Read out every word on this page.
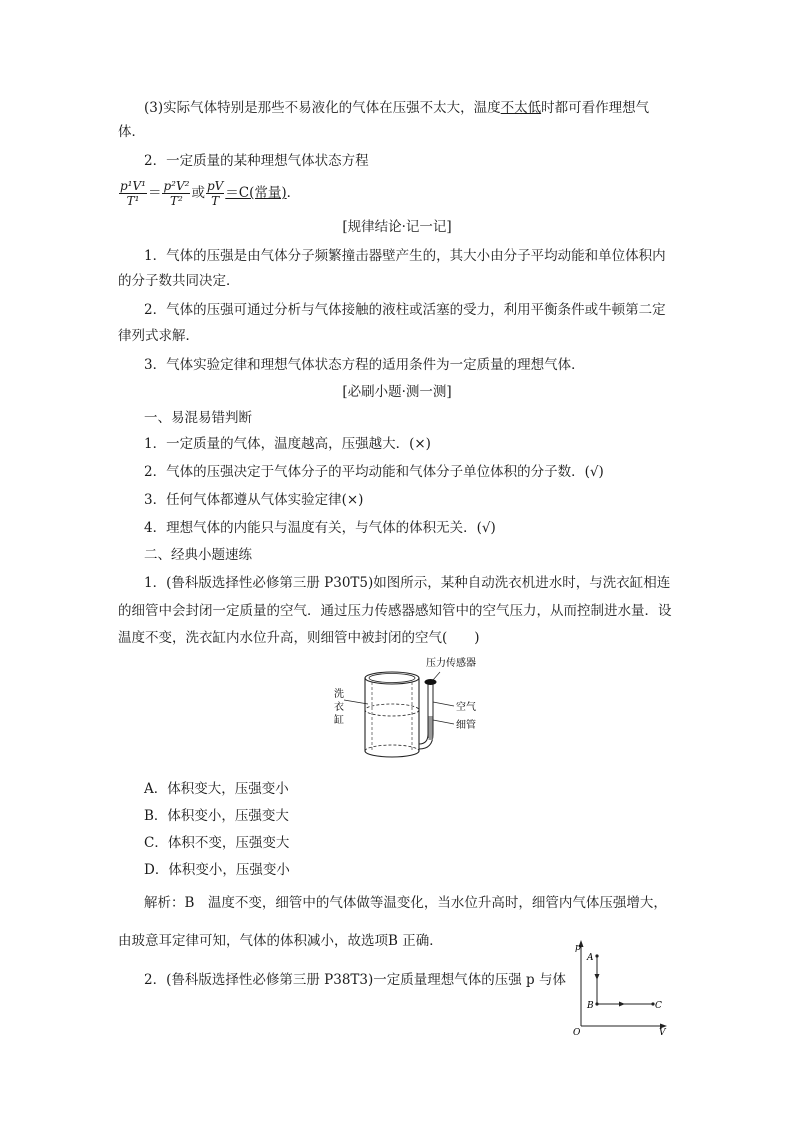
(3)实际气体特别是那些不易液化的气体在压强不太大，温度不太低时都可看作理想气
体．
2．一定质量的某种理想气体状态方程
$\frac{\text{p¹V¹}}{\text{T¹}} = \frac{\text{p²V²}}{\text{T²}}$ 或 $\frac{pV}{T} =C$(常量)．
[规律结论·记一记]
1．气体的压强是由气体分子频繁撞击器壁产生的，其大小由分子平均动能和单位体积内
的分子数共同决定．
2．气体的压强可通过分析与气体接触的液柱或活塞的受力，利用平衡条件或牛顿第二定
律列式求解．
3．气体实验定律和理想气体状态方程的适用条件为一定质量的理想气体．
[必刷小题·测一测]
一、易混易错判断
1．一定质量的气体，温度越高，压强越大．(×)
2．气体的压强决定于气体分子的平均动能和气体分子单位体积的分子数．(√)
3．任何气体都遵从气体实验定律(×)
4．理想气体的内能只与温度有关，与气体的体积无关．(√)
二、经典小题速练
1．(鲁科版选择性必修第三册 P30T5)如图所示，某种自动洗衣机进水时，与洗衣缸相连
的细管中会封闭一定质量的空气．通过压力传感器感知管中的空气压力，从而控制进水量．设
温度不变，洗衣缸内水位升高，则细管中被封闭的空气(　　)
压力传感器
空气
细管
洗
衣
缸
A．体积变大，压强变小
B．体积变小，压强变大
C．体积不变，压强变大
D．体积变小，压强变小
解析：B　温度不变，细管中的气体做等温变化，当水位升高时，细管内气体压强增大，
由玻意耳定律可知，气体的体积减小，故选项B 正确．
2．(鲁科版选择性必修第三册 P38T3)一定质量理想气体的压强 p 与体
p
V
O
A
B	C
